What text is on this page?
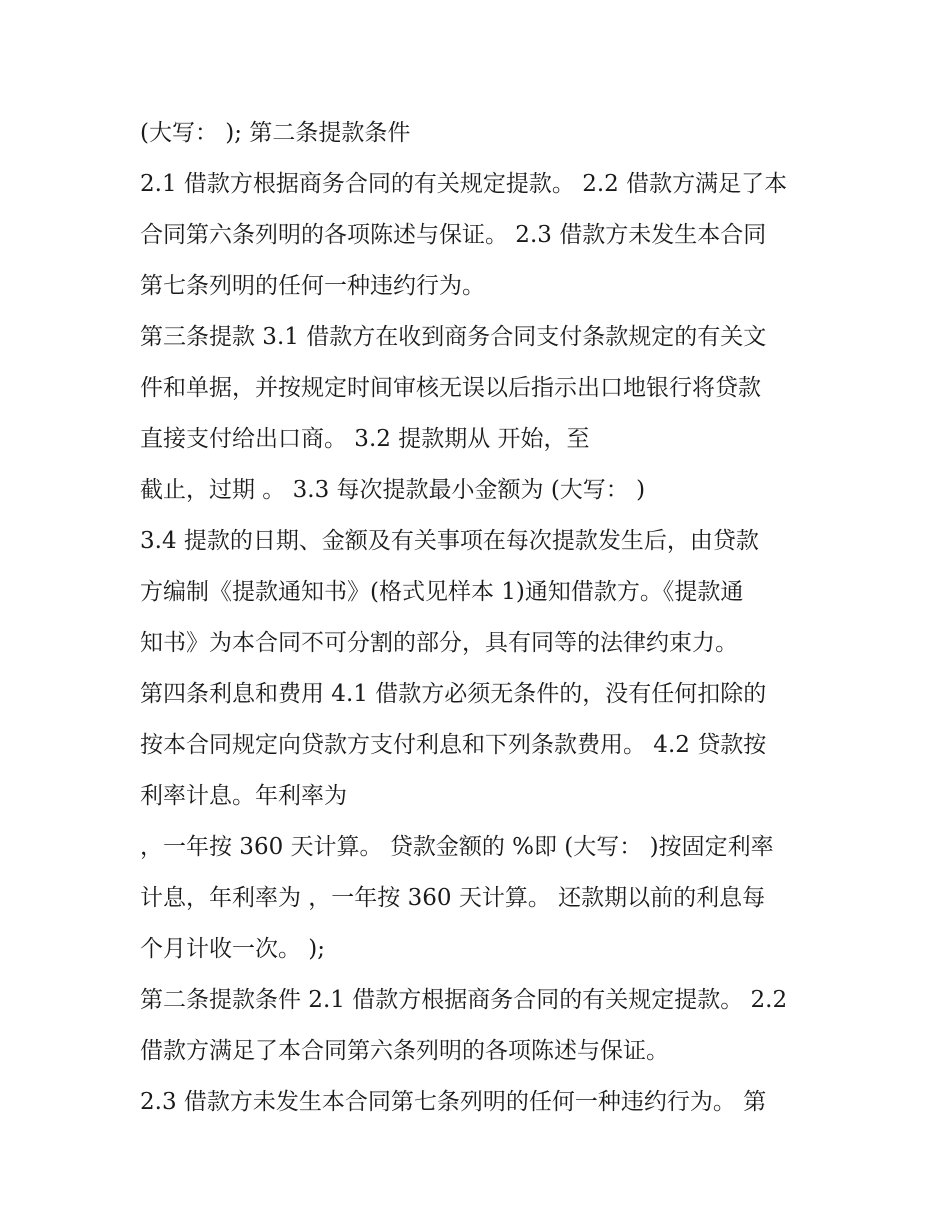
(大写： ); 第二条提款条件
2.1 借款方根据商务合同的有关规定提款。 2.2 借款方满足了本
合同第六条列明的各项陈述与保证。 2.3 借款方未发生本合同
第七条列明的任何一种违约行为。
第三条提款 3.1 借款方在收到商务合同支付条款规定的有关文
件和单据，并按规定时间审核无误以后指示出口地银行将贷款
直接支付给出口商。 3.2 提款期从 开始，至
截止，过期 。 3.3 每次提款最小金额为 (大写： )
3.4 提款的日期、金额及有关事项在每次提款发生后，由贷款
方编制《提款通知书》(格式见样本 1)通知借款方。《提款通
知书》为本合同不可分割的部分，具有同等的法律约束力。
第四条利息和费用 4.1 借款方必须无条件的，没有任何扣除的
按本合同规定向贷款方支付利息和下列条款费用。 4.2 贷款按
利率计息。年利率为
，一年按 360 天计算。 贷款金额的 %即 (大写： )按固定利率
计息，年利率为 ，一年按 360 天计算。 还款期以前的利息每
个月计收一次。 );
第二条提款条件 2.1 借款方根据商务合同的有关规定提款。 2.2
借款方满足了本合同第六条列明的各项陈述与保证。
2.3 借款方未发生本合同第七条列明的任何一种违约行为。 第
